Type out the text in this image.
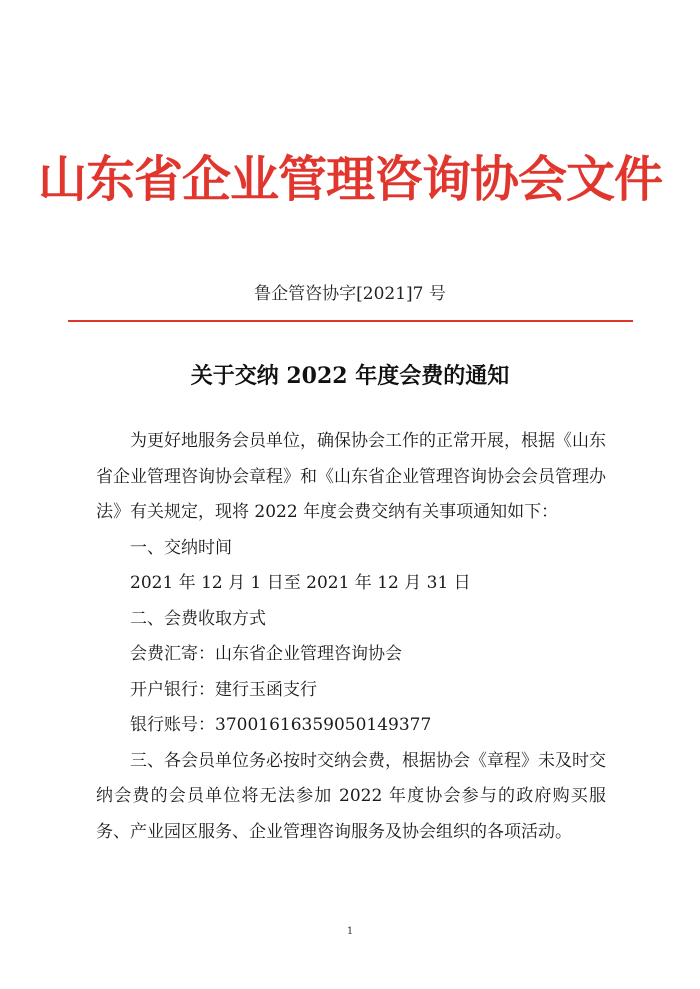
山东省企业管理咨询协会文件
鲁企管咨协字[2021]7 号
关于交纳 2022 年度会费的通知

为更好地服务会员单位，确保协会工作的正常开展，根据《山东省企业管理咨询协会章程》和《山东省企业管理咨询协会会员管理办法》有关规定，现将 2022 年度会费交纳有关事项通知如下：

一、交纳时间

2021 年 12 月 1 日至 2021 年 12 月 31 日

二、会费收取方式

会费汇寄：山东省企业管理咨询协会

开户银行：建行玉函支行

银行账号：37001616359050149377

三、各会员单位务必按时交纳会费，根据协会《章程》未及时交纳会费的会员单位将无法参加 2022 年度协会参与的政府购买服务、产业园区服务、企业管理咨询服务及协会组织的各项活动。

1
